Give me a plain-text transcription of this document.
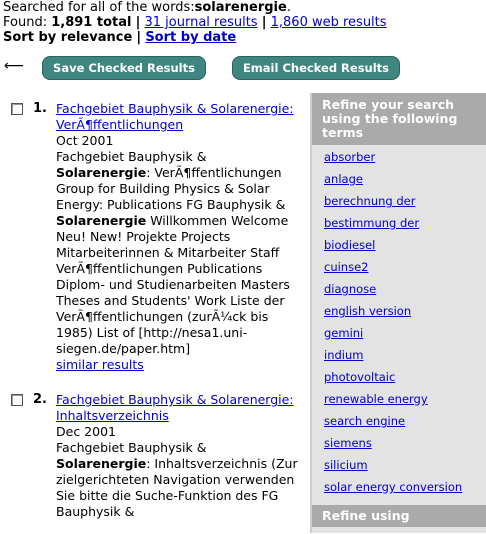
Searched for all of the words:solarenergie.
Found: 1,891 total | 31 journal results | 1,860 web results
Sort by relevance | Sort by date
⟵	Save Checked Results	Email Checked Results
1. Fachgebiet Bauphysik & Solarenergie: VerÃ¶ffentlichungen
Oct 2001
Fachgebiet Bauphysik & Solarenergie: VerÃ¶ffentlichungen Group for Building Physics & Solar Energy: Publications FG Bauphysik & Solarenergie Willkommen Welcome Neu! New! Projekte Projects Mitarbeiterinnen & Mitarbeiter Staff VerÃ¶ffentlichungen Publications Diplom- und Studienarbeiten Masters Theses and Students' Work Liste der VerÃ¶ffentlichungen (zurÃ¼ck bis 1985) List of [http://nesa1.uni-siegen.de/paper.htm]
similar results
2. Fachgebiet Bauphysik & Solarenergie: Inhaltsverzeichnis
Dec 2001
Fachgebiet Bauphysik & Solarenergie: Inhaltsverzeichnis (Zur zielgerichteten Navigation verwenden Sie bitte die Suche-Funktion des FG Bauphysik &
Refine your search using the following terms
absorber
anlage
berechnung der
bestimmung der
biodiesel
cuinse2
diagnose
english version
gemini
indium
photovoltaic
renewable energy
search engine
siemens
silicium
solar energy conversion
Refine using
